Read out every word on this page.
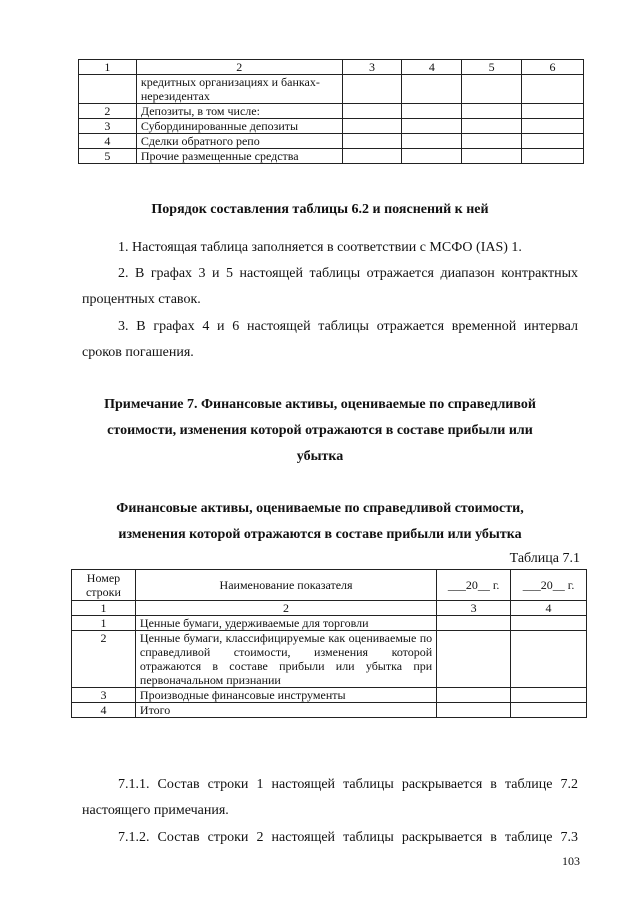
1	2	3	4	5	6
	кредитных организациях и банках-нерезидентах				
2	Депозиты, в том числе:				
3	Субординированные депозиты				
4	Сделки обратного репо				
5	Прочие размещенные средства				
Порядок составления таблицы 6.2 и пояснений к ней
1. Настоящая таблица заполняется в соответствии с МСФО (IAS) 1.
2. В графах 3 и 5 настоящей таблицы отражается диапазон контрактных
процентных ставок.
3. В графах 4 и 6 настоящей таблицы отражается временной интервал
сроков погашения.
Примечание 7. Финансовые активы, оцениваемые по справедливой
стоимости, изменения которой отражаются в составе прибыли или
убытка
Финансовые активы, оцениваемые по справедливой стоимости,
изменения которой отражаются в составе прибыли или убытка
Таблица 7.1
Номер строки	Наименование показателя	___20__ г.	___20__ г.
1	2	3	4
1	Ценные бумаги, удерживаемые для торговли		
2	Ценные бумаги, классифицируемые как оцениваемые по справедливой стоимости, изменения которой отражаются в составе прибыли или убытка при первоначальном признании		
3	Производные финансовые инструменты		
4	Итого		
7.1.1. Состав строки 1 настоящей таблицы раскрывается в таблице 7.2
настоящего примечания.
7.1.2. Состав строки 2 настоящей таблицы раскрывается в таблице 7.3
103
